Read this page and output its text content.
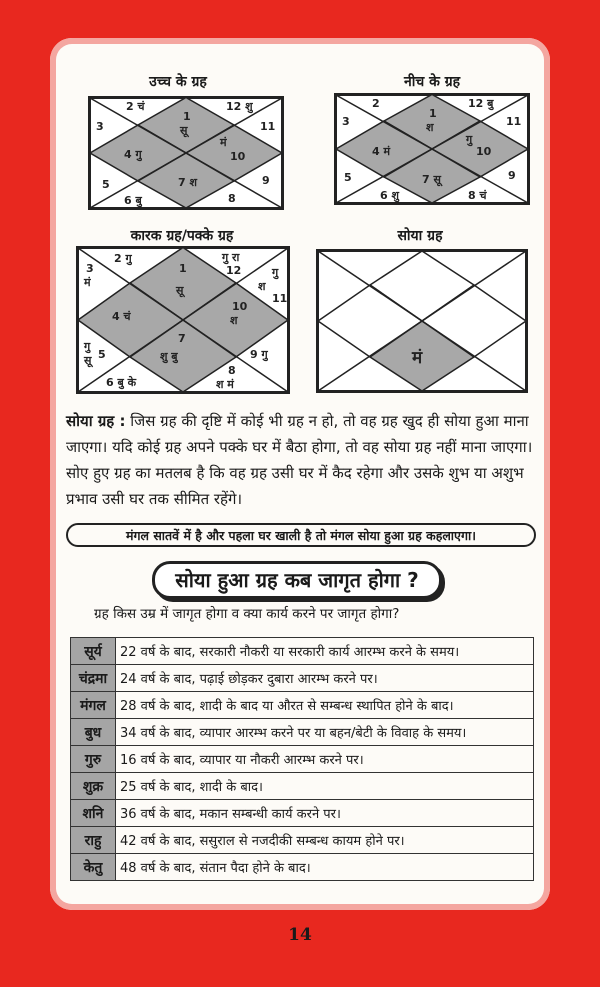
उच्च के ग्रह
12 शु
2 चं
3
4 गु
5
6 बु
7 श
8
9
10
11
1
सू
मं
नीच के ग्रह
12 बु
2
3
4 मं
5
6 शु
7 सू
8 चं
9
गु
10
11
1
श
कारक ग्रह/पक्के ग्रह
गु रा
12
2 गु
3
मं
4 चं
गु
सू 5
6 बु के
7
शु बु
8
श मं
9 गु
10
श
गु
श
11
1
सू
सोया ग्रह
मं
सोया ग्रह : जिस ग्रह की दृष्टि में कोई भी ग्रह न हो, तो वह ग्रह खुद ही सोया हुआ माना जाएगा। यदि कोई ग्रह अपने पक्के घर में बैठा होगा, तो वह सोया ग्रह नहीं माना जाएगा। सोए हुए ग्रह का मतलब है कि वह ग्रह उसी घर में कैद रहेगा और उसके शुभ या अशुभ प्रभाव उसी घर तक सीमित रहेंगे।
मंगल सातवें में है और पहला घर खाली है तो मंगल सोया हुआ ग्रह कहलाएगा।
सोया हुआ ग्रह कब जागृत होगा ?
ग्रह किस उम्र में जागृत होगा व क्या कार्य करने पर जागृत होगा?
सूर्य	22 वर्ष के बाद, सरकारी नौकरी या सरकारी कार्य आरम्भ करने के समय।
चंद्रमा	24 वर्ष के बाद, पढ़ाई छोड़कर दुबारा आरम्भ करने पर।
मंगल	28 वर्ष के बाद, शादी के बाद या औरत से सम्बन्ध स्थापित होने के बाद।
बुध	34 वर्ष के बाद, व्यापार आरम्भ करने पर या बहन/बेटी के विवाह के समय।
गुरु	16 वर्ष के बाद, व्यापार या नौकरी आरम्भ करने पर।
शुक्र	25 वर्ष के बाद, शादी के बाद।
शनि	36 वर्ष के बाद, मकान सम्बन्धी कार्य करने पर।
राहु	42 वर्ष के बाद, ससुराल से नजदीकी सम्बन्ध कायम होने पर।
केतु	48 वर्ष के बाद, संतान पैदा होने के बाद।
14
